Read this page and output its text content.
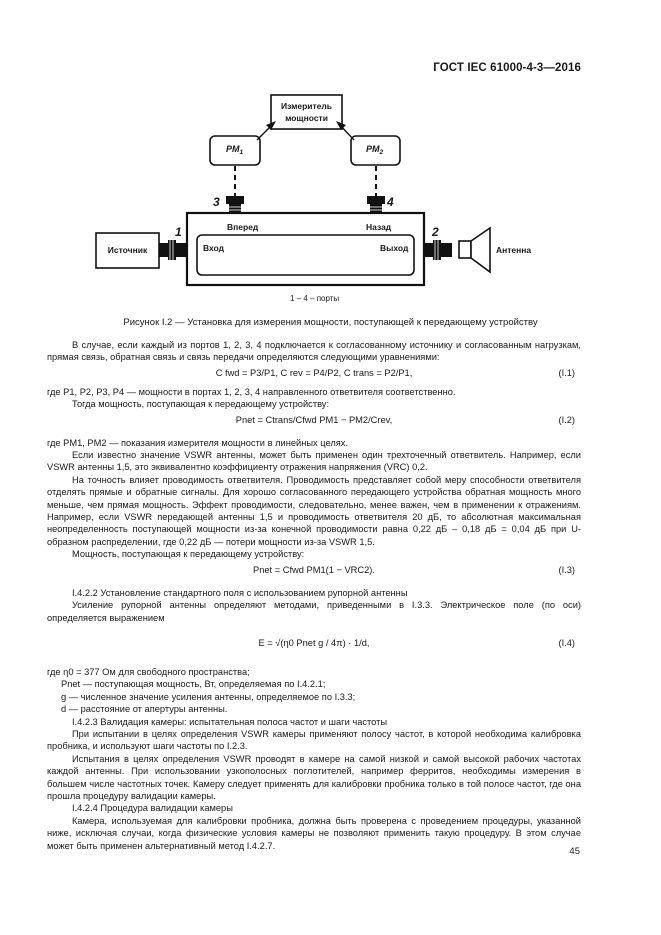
ГОСТ IEC 61000-4-3—2016
Измеритель
мощности
$PM_1$	$PM_2$
3	4
1	2
Вперед	Назад
Вход	Выход
Источник	Антенна
1 – 4 – порты
Рисунок I.2 — Установка для измерения мощности, поступающей к передающему устройству

В случае, если каждый из портов 1, 2, 3, 4 подключается к согласованному источнику и согласованным нагрузкам, прямая связь, обратная связь и связь передачи определяются следующими уравнениями:

C fwd = P3/P1, C rev = P4/P2, C trans = P2/P1,	(I.1)

где P1, P2, P3, P4 — мощности в портах 1, 2, 3, 4 направленного ответвителя соответственно.

Тогда мощность, поступающая к передающему устройству:

Pnet = Ctrans/Cfwd PM1 − PM2/Crev,	(I.2)

где PM1, PM2 — показания измерителя мощности в линейных целях.

Если известно значение VSWR антенны, может быть применен один трехточечный ответвитель. Например, если VSWR антенны 1,5, это эквивалентно коэффициенту отражения напряжения (VRC) 0,2.

На точность влияет проводимость ответвителя. Проводимость представляет собой меру способности ответвителя отделять прямые и обратные сигналы. Для хорошо согласованного передающего устройства обратная мощность много меньше, чем прямая мощность. Эффект проводимости, следовательно, менее важен, чем в применении к отражениям. Например, если VSWR передающей антенны 1,5 и проводимость ответвителя 20 дБ, то абсолютная максимальная неопределенность поступающей мощности из-за конечной проводимости равна 0,22 дБ – 0,18 дБ = 0,04 дБ при U-образном распределении, где 0,22 дБ — потери мощности из-за VSWR 1,5.

Мощность, поступающая к передающему устройству:

Pnet = Cfwd PM1(1 − VRC2).	(I.3)

I.4.2.2 Установление стандартного поля с использованием рупорной антенны

Усиление рупорной антенны определяют методами, приведенными в I.3.3. Электрическое поле (по оси) определяется выражением

E = √(η0 Pnet g / 4π) · 1/d,	(I.4)

где η0 = 377 Ом для свободного пространства;

Pnet — поступающая мощность, Вт, определяемая по I.4.2.1;

g — численное значение усиления антенны, определяемое по I.3.3;

d — расстояние от апертуры антенны.

I.4.2.3 Валидация камеры: испытательная полоса частот и шаги частоты

При испытании в целях определения VSWR камеры применяют полосу частот, в которой необходима калибровка пробника, и используют шаги частоты по I.2.3.

Испытания в целях определения VSWR проводят в камере на самой низкой и самой высокой рабочих частотах каждой антенны. При использовании узкополосных поглотителей, например ферритов, необходимы измерения в большем числе частотных точек. Камеру следует применять для калибровки пробника только в той полосе частот, где она прошла процедуру валидации камеры.

I.4.2.4 Процедура валидации камеры

Камера, используемая для калибровки пробника, должна быть проверена с проведением процедуры, указанной ниже, исключая случаи, когда физические условия камеры не позволяют применить такую процедуру. В этом случае может быть применен альтернативный метод I.4.2.7.

45
